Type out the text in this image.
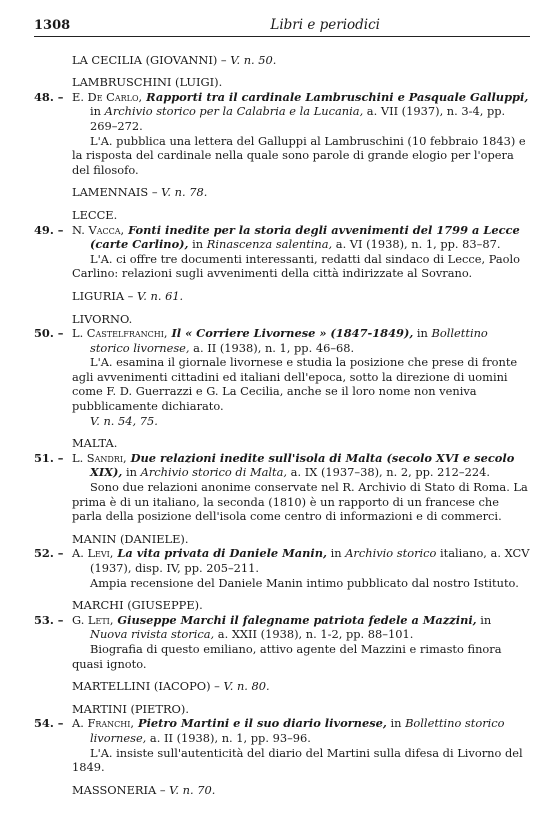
1308	Libri e periodici
LA CECILIA (GIOVANNI) – V. n. 50.
LAMBRUSCHINI (LUIGI).
48. – E. De Carlo, Rapporti tra il cardinale Lambruschini e Pasquale Galluppi, in Archivio storico per la Calabria e la Lucania, a. VII (1937), n. 3-4, pp. 269–272.
L'A. pubblica una lettera del Galluppi al Lambruschini (10 febbraio 1843) e la risposta del cardinale nella quale sono parole di grande elogio per l'opera del filosofo.
LAMENNAIS – V. n. 78.
LECCE.
49. – N. Vacca, Fonti inedite per la storia degli avvenimenti del 1799 a Lecce (carte Carlino), in Rinascenza salentina, a. VI (1938), n. 1, pp. 83–87.
L'A. ci offre tre documenti interessanti, redatti dal sindaco di Lecce, Paolo Carlino: relazioni sugli avvenimenti della città indirizzate al Sovrano.
LIGURIA – V. n. 61.
LIVORNO.
50. – L. Castelfranchi, Il « Corriere Livornese » (1847-1849), in Bollettino storico livornese, a. II (1938), n. 1, pp. 46–68.
L'A. esamina il giornale livornese e studia la posizione che prese di fronte agli avvenimenti cittadini ed italiani dell'epoca, sotto la direzione di uomini come F. D. Guerrazzi e G. La Cecilia, anche se il loro nome non veniva pubblicamente dichiarato.
V. n. 54, 75.
MALTA.
51. – L. Sandri, Due relazioni inedite sull'isola di Malta (secolo XVI e secolo XIX), in Archivio storico di Malta, a. IX (1937–38), n. 2, pp. 212–224.
Sono due relazioni anonime conservate nel R. Archivio di Stato di Roma. La prima è di un italiano, la seconda (1810) è un rapporto di un francese che parla della posizione dell'isola come centro di informazioni e di commerci.
MANIN (DANIELE).
52. – A. Levi, La vita privata di Daniele Manin, in Archivio storico italiano, a. XCV (1937), disp. IV, pp. 205–211.
Ampia recensione del Daniele Manin intimo pubblicato dal nostro Istituto.
MARCHI (GIUSEPPE).
53. – G. Leti, Giuseppe Marchi il falegname patriota fedele a Mazzini, in Nuova rivista storica, a. XXII (1938), n. 1-2, pp. 88–101.
Biografia di questo emiliano, attivo agente del Mazzini e rimasto finora quasi ignoto.
MARTELLINI (IACOPO) – V. n. 80.
MARTINI (PIETRO).
54. – A. Franchi, Pietro Martini e il suo diario livornese, in Bollettino storico livornese, a. II (1938), n. 1, pp. 93–96.
L'A. insiste sull'autenticità del diario del Martini sulla difesa di Livorno del 1849.
MASSONERIA – V. n. 70.
